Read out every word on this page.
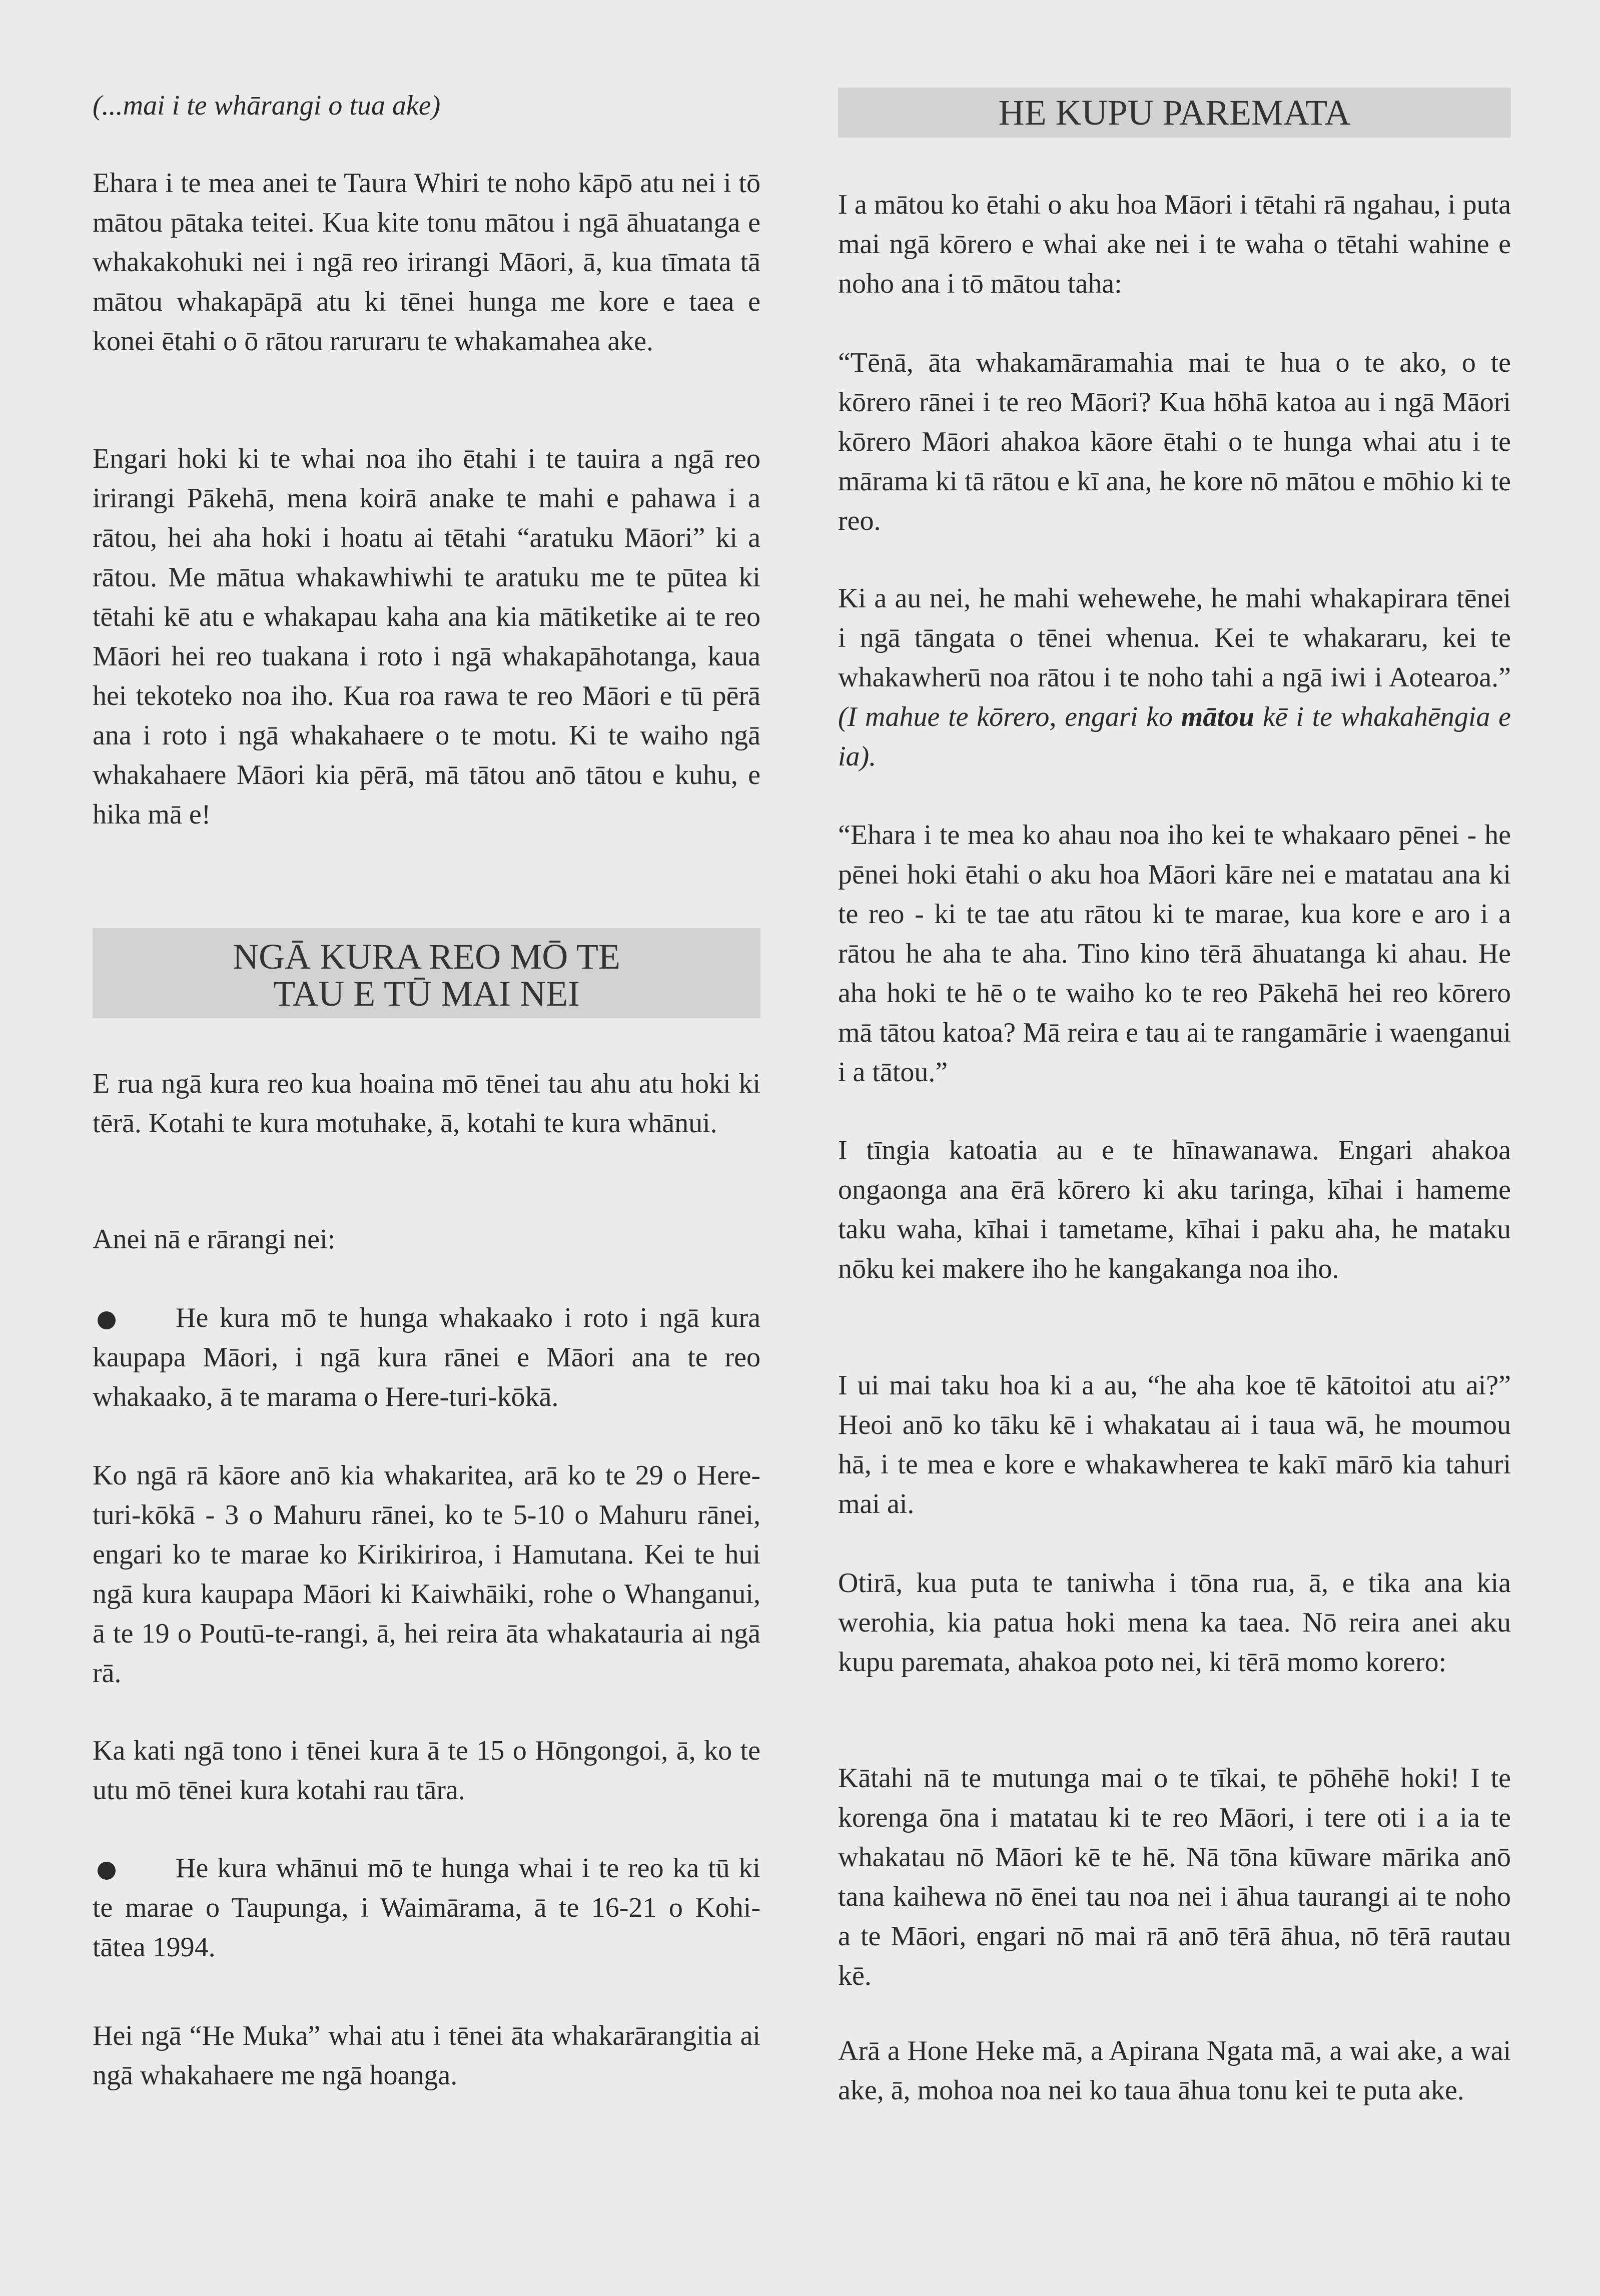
(...mai i te whārangi o tua ake)

Ehara i te mea anei te Taura Whiri te noho kāpō atu nei i tō mātou pātaka teitei. Kua kite tonu mātou i ngā āhuatanga e whakakohuki nei i ngā reo irirangi Māori, ā, kua tīmata tā mātou whakapāpā atu ki tēnei hunga me kore e taea e konei ētahi o ō rātou raruraru te whakamahea ake.

Engari hoki ki te whai noa iho ētahi i te tauira a ngā reo irirangi Pākehā, mena koirā anake te mahi e pahawa i a rātou, hei aha hoki i hoatu ai tētahi “aratuku Māori” ki a rātou. Me mātua whakawhiwhi te aratuku me te pūtea ki tētahi kē atu e whakapau kaha ana kia mātiketike ai te reo Māori hei reo tuakana i roto i ngā whakapāhotanga, kaua hei tekoteko noa iho. Kua roa rawa te reo Māori e tū pērā ana i roto i ngā whakahaere o te motu. Ki te waiho ngā whakahaere Māori kia pērā, mā tātou anō tātou e kuhu, e hika mā e!

NGĀ KURA REO MŌ TE
TAU E TŪ MAI NEI

E rua ngā kura reo kua hoaina mō tēnei tau ahu atu hoki ki tērā. Kotahi te kura motuhake, ā, kotahi te kura whānui.

Anei nā e rārangi nei:

He kura mō te hunga whakaako i roto i ngā kura kaupapa Māori, i ngā kura rānei e Māori ana te reo whakaako, ā te marama o Here-turi-kōkā.

Ko ngā rā kāore anō kia whakaritea, arā ko te 29 o Here-turi-kōkā - 3 o Mahuru rānei, ko te 5-10 o Mahuru rānei, engari ko te marae ko Kirikiriroa, i Hamutana. Kei te hui ngā kura kaupapa Māori ki Kaiwhāiki, rohe o Whanganui, ā te 19 o Poutū-te-rangi, ā, hei reira āta whakatauria ai ngā rā.

Ka kati ngā tono i tēnei kura ā te 15 o Hōngongoi, ā, ko te utu mō tēnei kura kotahi rau tāra.

He kura whānui mō te hunga whai i te reo ka tū ki te marae o Taupunga, i Waimārama, ā te 16-21 o Kohi-tātea 1994.

Hei ngā “He Muka” whai atu i tēnei āta whakarārangitia ai ngā whakahaere me ngā hoanga.

HE KUPU PAREMATA

I a mātou ko ētahi o aku hoa Māori i tētahi rā ngahau, i puta mai ngā kōrero e whai ake nei i te waha o tētahi wahine e noho ana i tō mātou taha:

“Tēnā, āta whakamāramahia mai te hua o te ako, o te kōrero rānei i te reo Māori? Kua hōhā katoa au i ngā Māori kōrero Māori ahakoa kāore ētahi o te hunga whai atu i te mārama ki tā rātou e kī ana, he kore nō mātou e mōhio ki te reo.

Ki a au nei, he mahi wehewehe, he mahi whakapirara tēnei i ngā tāngata o tēnei whenua. Kei te whakararu, kei te whakawherū noa rātou i te noho tahi a ngā iwi i Aotearoa.” (I mahue te kōrero, engari ko mātou kē i te whakahēngia e ia).

“Ehara i te mea ko ahau noa iho kei te whakaaro pēnei - he pēnei hoki ētahi o aku hoa Māori kāre nei e matatau ana ki te reo - ki te tae atu rātou ki te marae, kua kore e aro i a rātou he aha te aha. Tino kino tērā āhuatanga ki ahau. He aha hoki te hē o te waiho ko te reo Pākehā hei reo kōrero mā tātou katoa? Mā reira e tau ai te rangamārie i waenganui i a tātou.”

I tīngia katoatia au e te hīnawanawa. Engari ahakoa ongaonga ana ērā kōrero ki aku taringa, kīhai i hameme taku waha, kīhai i tametame, kīhai i paku aha, he mataku nōku kei makere iho he kangakanga noa iho.

I ui mai taku hoa ki a au, “he aha koe tē kātoitoi atu ai?” Heoi anō ko tāku kē i whakatau ai i taua wā, he moumou hā, i te mea e kore e whakawherea te kakī mārō kia tahuri mai ai.

Otirā, kua puta te taniwha i tōna rua, ā, e tika ana kia werohia, kia patua hoki mena ka taea. Nō reira anei aku kupu paremata, ahakoa poto nei, ki tērā momo korero:

Kātahi nā te mutunga mai o te tīkai, te pōhēhē hoki! I te korenga ōna i matatau ki te reo Māori, i tere oti i a ia te whakatau nō Māori kē te hē. Nā tōna kūware mārika anō tana kaihewa nō ēnei tau noa nei i āhua taurangi ai te noho a te Māori, engari nō mai rā anō tērā āhua, nō tērā rautau kē.

Arā a Hone Heke mā, a Apirana Ngata mā, a wai ake, a wai ake, ā, mohoa noa nei ko taua āhua tonu kei te puta ake.
